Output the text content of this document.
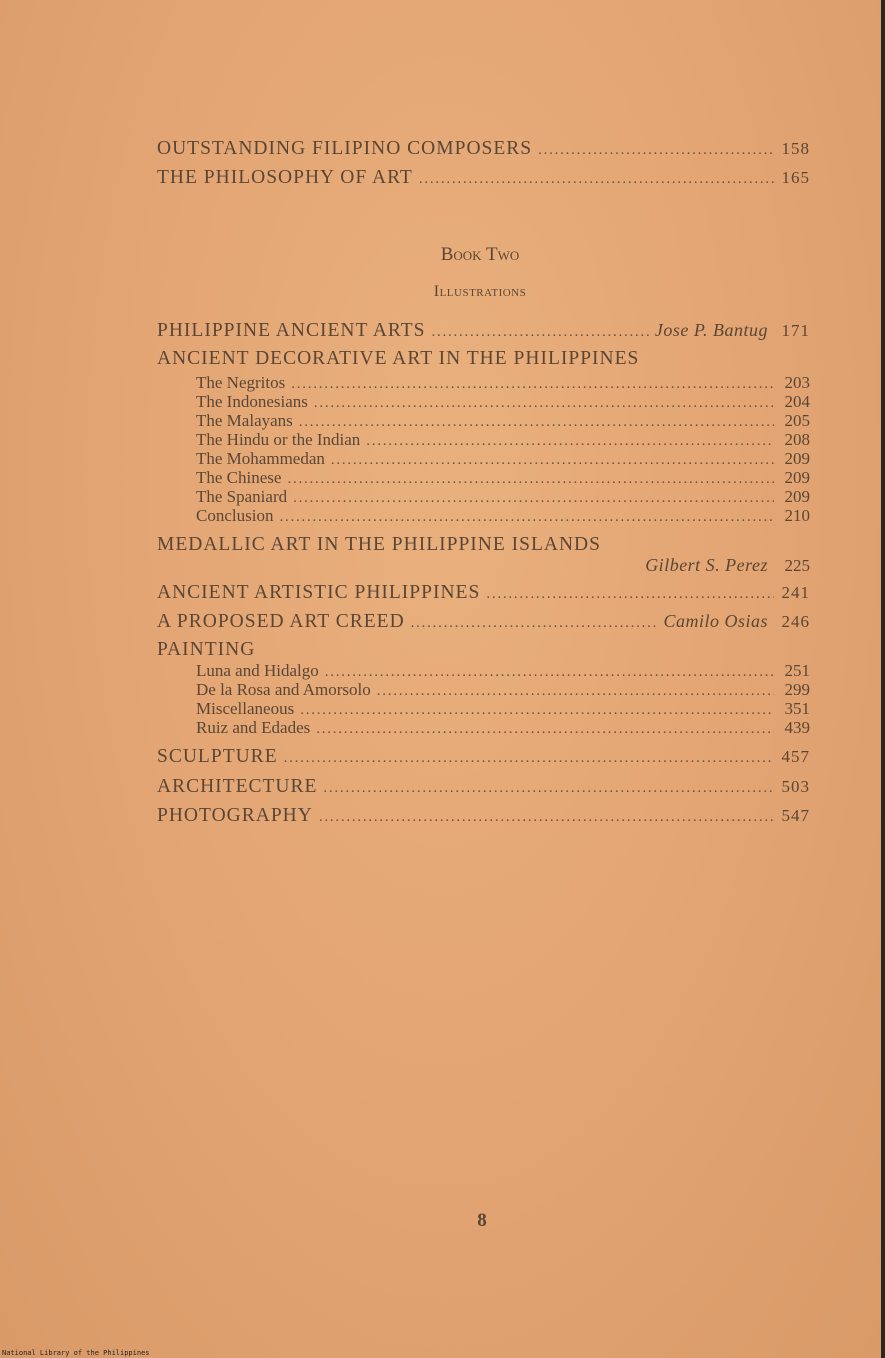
OUTSTANDING FILIPINO COMPOSERS . . .	158
THE PHILOSOPHY OF ART . . .	165
Book Two
Illustrations
PHILIPPINE ANCIENT ARTS . . .	Jose P. Bantug 171
ANCIENT DECORATIVE ART IN THE PHILIPPINES
The Negritos . . .	203
The Indonesians . . .	204
The Malayans . . .	205
The Hindu or the Indian . . .	208
The Mohammedan . . .	209
The Chinese . . .	209
The Spaniard . . .	209
Conclusion . . .	210
MEDALLIC ART IN THE PHILIPPINE ISLANDS
Gilbert S. Perez 225
ANCIENT ARTISTIC PHILIPPINES . . .	241
A PROPOSED ART CREED . . .	Camilo Osias 246
PAINTING
Luna and Hidalgo . . .	251
De la Rosa and Amorsolo . . .	299
Miscellaneous . . .	351
Ruiz and Edades . . .	439
SCULPTURE . . .	457
ARCHITECTURE . . .	503
PHOTOGRAPHY . . .	547
8
National Library of the Philippines
